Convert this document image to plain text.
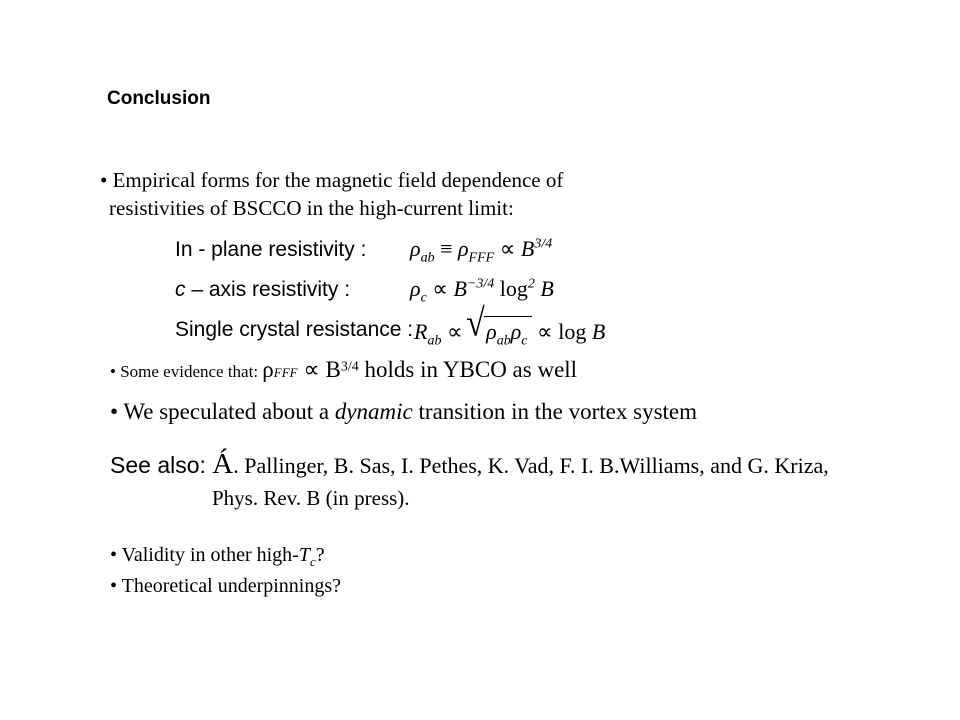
Conclusion
• Empirical forms for the magnetic field dependence of
resistivities of BSCCO in the high-current limit:
In - plane resistivity : $\rho_{ab} \equiv \rho_{FFF} \propto B^{3/4}$
c – axis resistivity :	$\rho_c \propto B^{-3/4}$ $\log^2 B$
Single crystal resistance : $R_{ab}$ ∝ √ $\rho_{ab}\rho_c \propto \log B$
• Some evidence that: $\rho FFF \propto B^{3/4}$ holds in YBCO as well
• We speculated about a dynamic transition in the vortex system
See also: Á. Pallinger, B. Sas, I. Pethes, K. Vad, F. I. B.Williams, and G. Kriza,
Phys. Rev. B (in press).
• Validity in other high-$T_c$?
• Theoretical underpinnings?
